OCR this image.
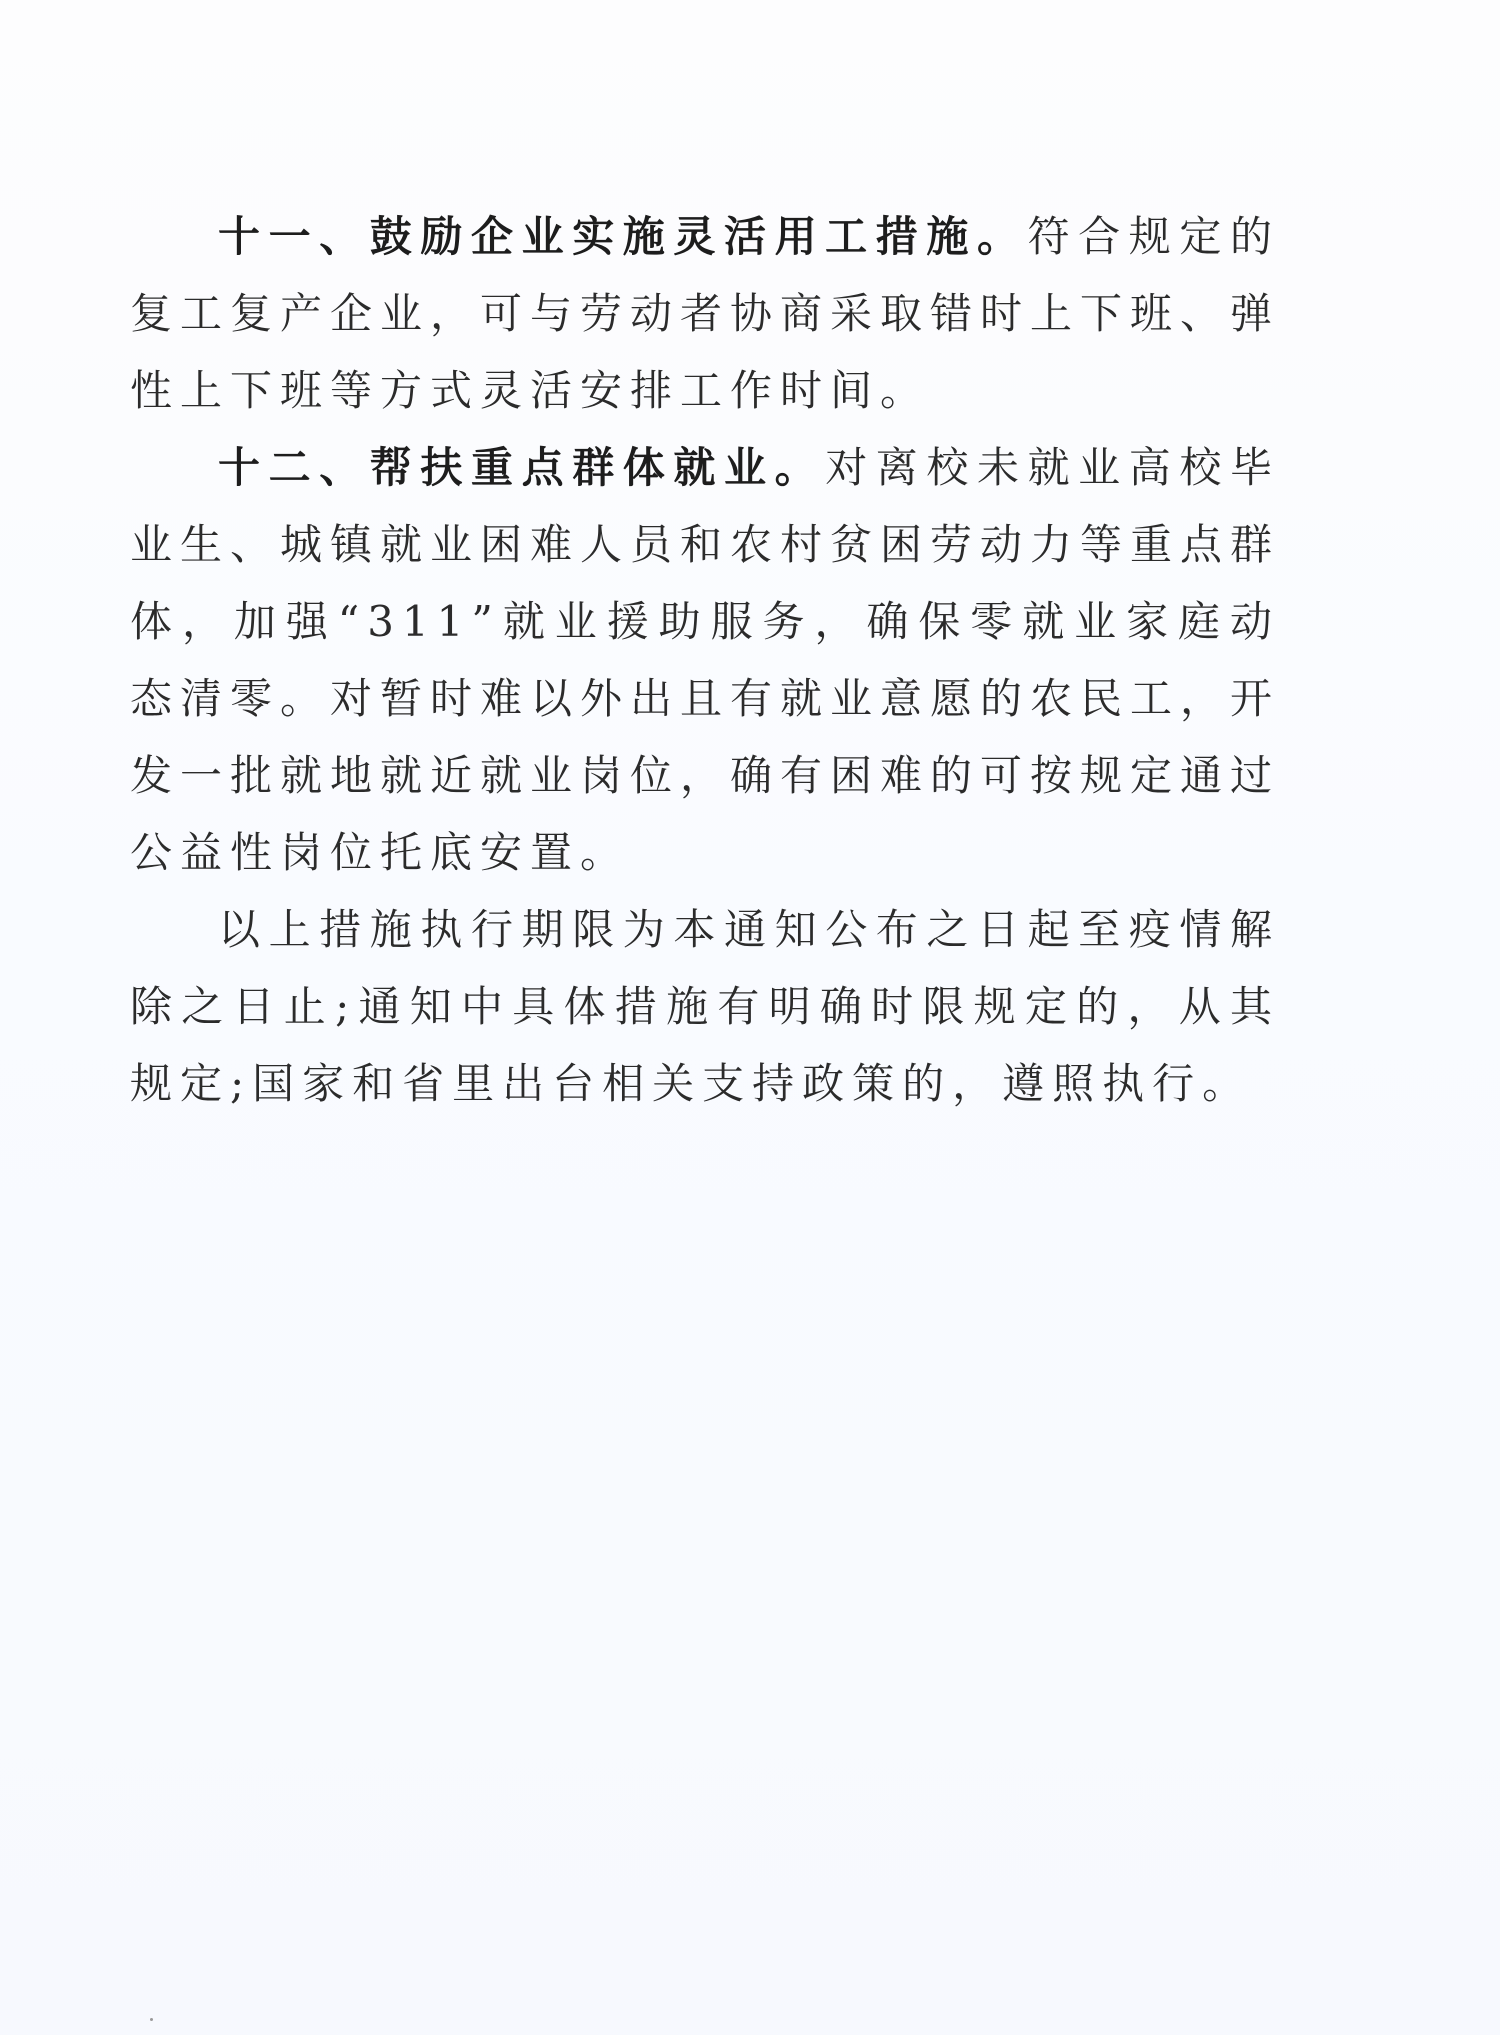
十一、鼓励企业实施灵活用工措施。符合规定的复工复产企业，可与劳动者协商采取错时上下班、弹性上下班等方式灵活安排工作时间。

十二、帮扶重点群体就业。对离校未就业高校毕业生、城镇就业困难人员和农村贫困劳动力等重点群体，加强“311”就业援助服务，确保零就业家庭动态清零。对暂时难以外出且有就业意愿的农民工，开发一批就地就近就业岗位，确有困难的可按规定通过公益性岗位托底安置。

以上措施执行期限为本通知公布之日起至疫情解除之日止;通知中具体措施有明确时限规定的，从其规定;国家和省里出台相关支持政策的，遵照执行。
